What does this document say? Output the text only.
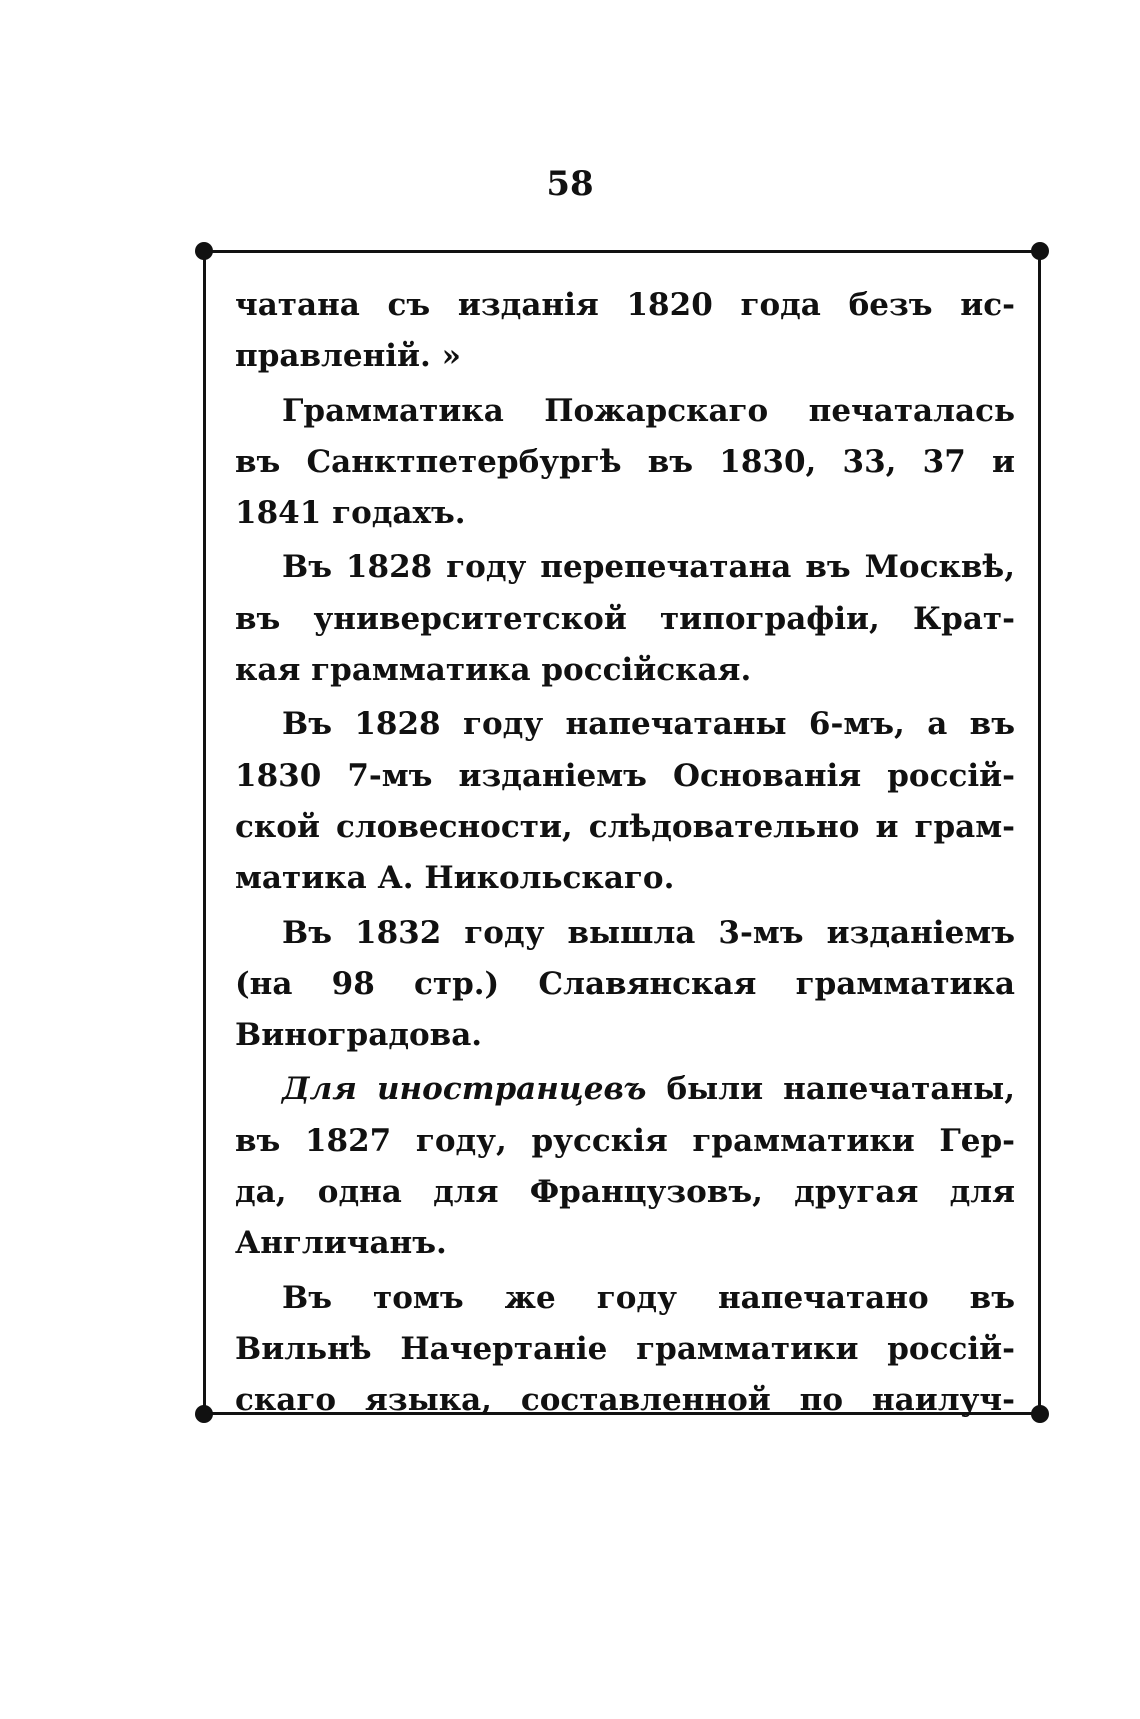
58
чатана съ изданія 1820 года безъ ис-
правленій. »
Грамматика Пожарскаго печаталась
въ Санктпетербургѣ въ 1830, 33, 37 и
1841 годахъ.
Въ 1828 году перепечатана въ Москвѣ,
въ университетской типографіи, Крат-
кая грамматика россійская.
Въ 1828 году напечатаны 6-мъ, а въ
1830 7-мъ изданіемъ Основанія россій-
ской словесности, слѣдовательно и грам-
матика А. Никольскаго.
Въ 1832 году вышла 3-мъ изданіемъ
(на 98 стр.) Славянская грамматика
Виноградова.
Для иностранцевъ были напечатаны,
въ 1827 году, русскія грамматики Гер-
да, одна для Французовъ, другая для
Англичанъ.
Въ томъ же году напечатано въ
Вильнѣ Начертаніе грамматики россій-
скаго языка, составленной по наилуч-
